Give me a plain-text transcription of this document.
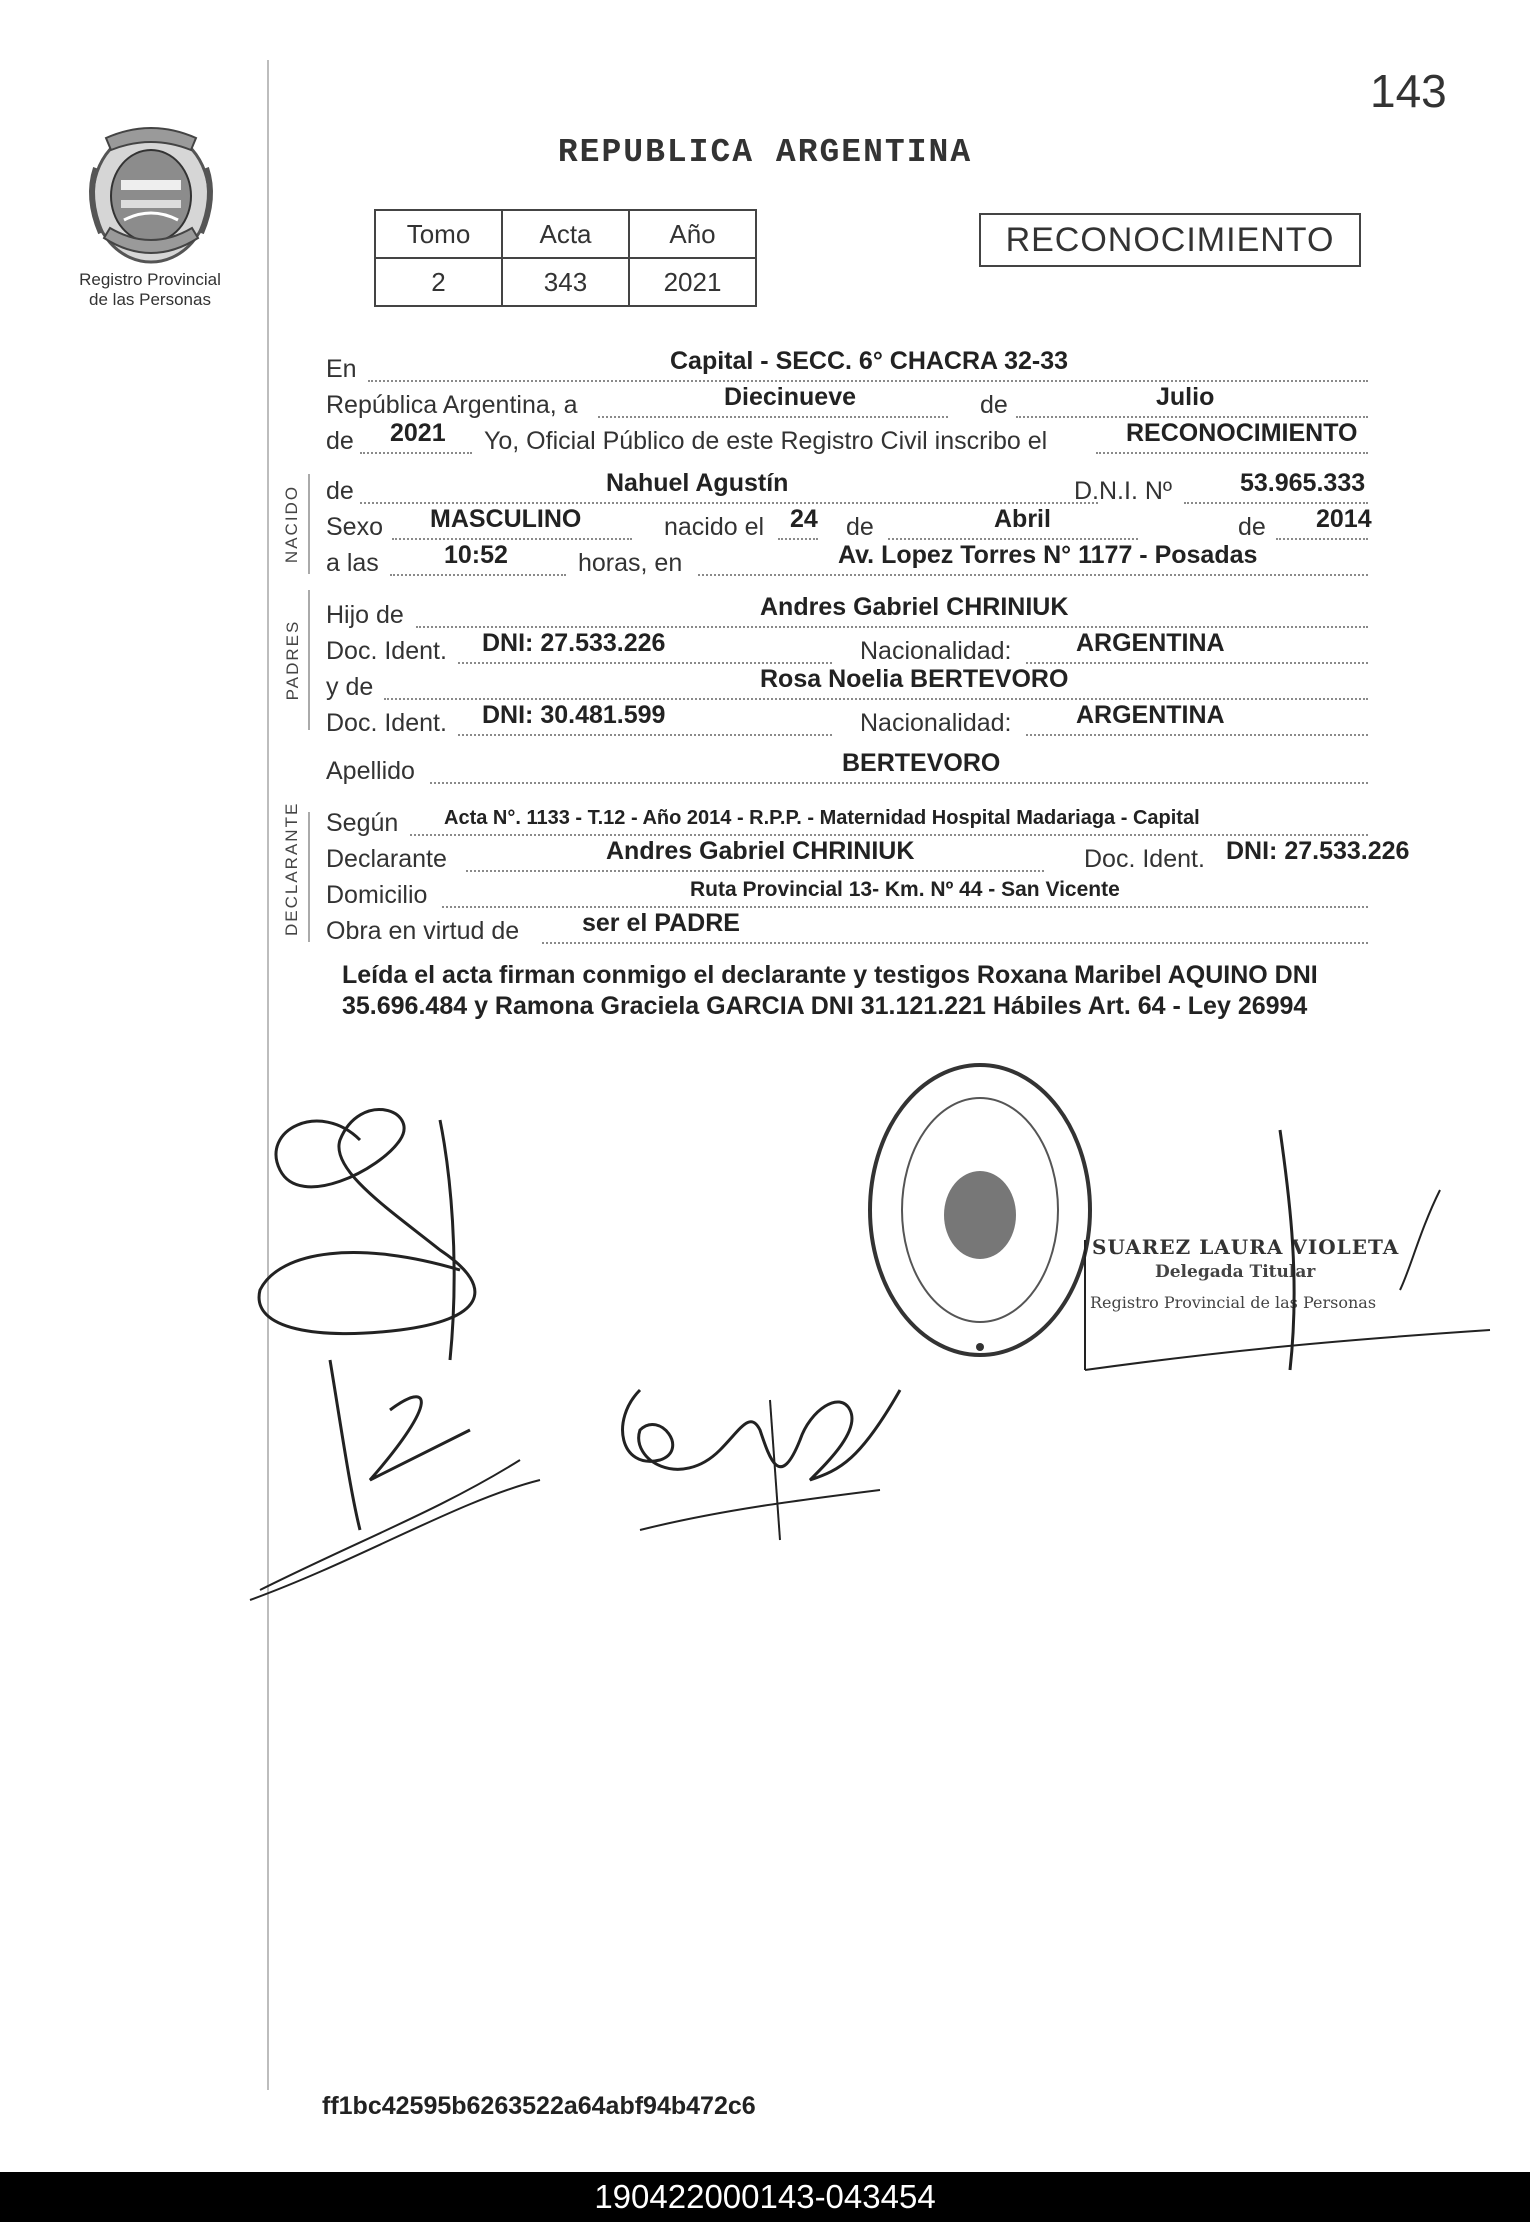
143
Registro Provincial
de las Personas
REPUBLICA ARGENTINA
Tomo	Acta	Año
2	343	2021
RECONOCIMIENTO
En	Capital - SECC. 6° CHACRA 32-33
República Argentina, a	Diecinueve	de	Julio
de 2021 Yo, Oficial Público de este Registro Civil inscribo el	RECONOCIMIENTO
NACIDO de	Nahuel Agustín	D.N.I. Nº	53.965.333
Sexo MASCULINO	nacido el 24 de	Abril	de 2014
a las	10:52	horas, en	Av. Lopez Torres N° 1177 - Posadas
PADRES
Hijo de	Andres Gabriel CHRINIUK
Doc. Ident. DNI: 27.533.226	Nacionalidad:	ARGENTINA
y de	Rosa Noelia BERTEVORO
Doc. Ident. DNI: 30.481.599	Nacionalidad:	ARGENTINA
Apellido	BERTEVORO
DECLARANTE Según Acta N°. 1133 - T.12 - Año 2014 - R.P.P. - Maternidad Hospital Madariaga - Capital
Declarante	Andres Gabriel CHRINIUK	Doc. Ident. DNI: 27.533.226
Domicilio	Ruta Provincial 13- Km. Nº 44 - San Vicente
Obra en virtud de	ser el PADRE
Leída el acta firman conmigo el declarante y testigos Roxana Maribel AQUINO DNI 35.696.484 y Ramona Graciela GARCIA DNI 31.121.221 Hábiles Art. 64 - Ley 26994
SUAREZ LAURA VIOLETA
Delegada Titular
Registro Provincial de las Personas
ff1bc42595b6263522a64abf94b472c6
190422000143-043454
